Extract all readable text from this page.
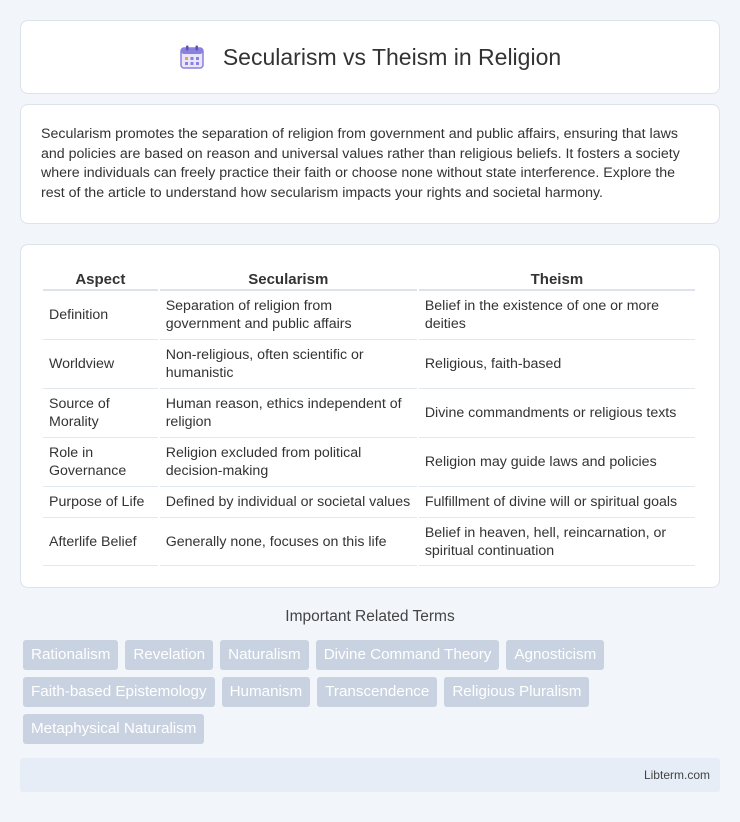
Secularism vs Theism in Religion

Secularism promotes the separation of religion from government and public affairs, ensuring that laws and policies are based on reason and universal values rather than religious beliefs. It fosters a society where individuals can freely practice their faith or choose none without state interference. Explore the rest of the article to understand how secularism impacts your rights and societal harmony.

Aspect	Secularism	Theism
Definition	Separation of religion from government and public affairs	Belief in the existence of one or more deities
Worldview	Non-religious, often scientific or humanistic	Religious, faith-based
Source of Morality	Human reason, ethics independent of religion	Divine commandments or religious texts
Role in Governance	Religion excluded from political decision-making	Religion may guide laws and policies
Purpose of Life	Defined by individual or societal values	Fulfillment of divine will or spiritual goals
Afterlife Belief	Generally none, focuses on this life	Belief in heaven, hell, reincarnation, or spiritual continuation
Important Related Terms
Rationalism	Revelation	Naturalism	Divine Command Theory	Agnosticism
Faith-based Epistemology	Humanism	Transcendence	Religious Pluralism
Metaphysical Naturalism
Libterm.com
